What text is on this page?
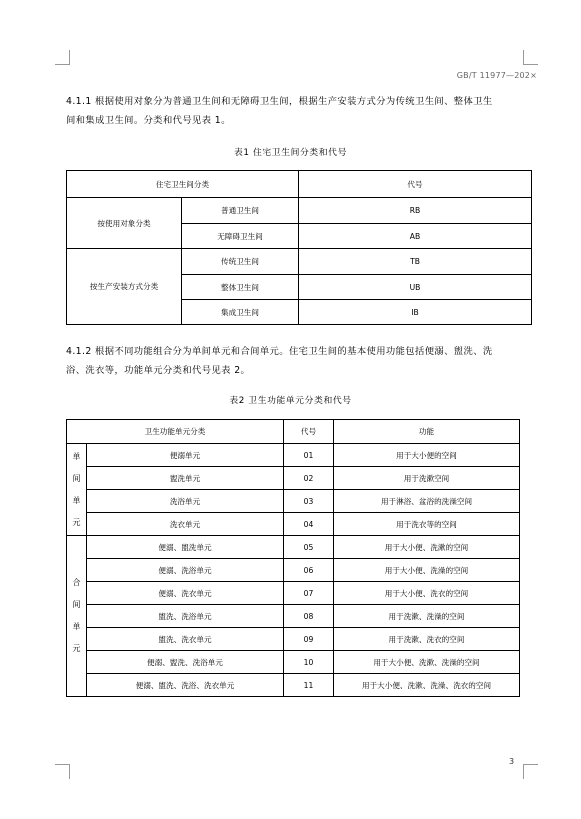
GB/T 11977—202×
4.1.1 根据使用对象分为普通卫生间和无障碍卫生间，根据生产安装方式分为传统卫生间、整体卫生
间和集成卫生间。分类和代号见表 1。
表1 住宅卫生间分类和代号
住宅卫生间分类		代号
按使用对象分类	普通卫生间	RB
	无障碍卫生间	AB
按生产安装方式分类	传统卫生间	TB
	整体卫生间	UB
	集成卫生间	IB
4.1.2 根据不同功能组合分为单间单元和合间单元。住宅卫生间的基本使用功能包括便溺、盥洗、洗
浴、洗衣等，功能单元分类和代号见表 2。
表2 卫生功能单元分类和代号
卫生功能单元分类		代号	功能

单
间
单
元	便溺单元	01	用于大小便的空间
	盥洗单元	02	用于洗漱空间
	洗浴单元	03	用于淋浴、盆浴的洗澡空间
	洗衣单元	04	用于洗衣等的空间

合
间
单
元	便溺、盥洗单元	05	用于大小便、洗漱的空间
	便溺、洗浴单元	06	用于大小便、洗澡的空间
	便溺、洗衣单元	07	用于大小便、洗衣的空间
	盥洗、洗浴单元	08	用于洗漱、洗澡的空间
	盥洗、洗衣单元	09	用于洗漱、洗衣的空间
	便溺、盥洗、洗浴单元	10	用于大小便、洗漱、洗澡的空间
	便溺、盥洗、洗浴、洗衣单元	11	用于大小便、洗漱、洗澡、洗衣的空间
3
